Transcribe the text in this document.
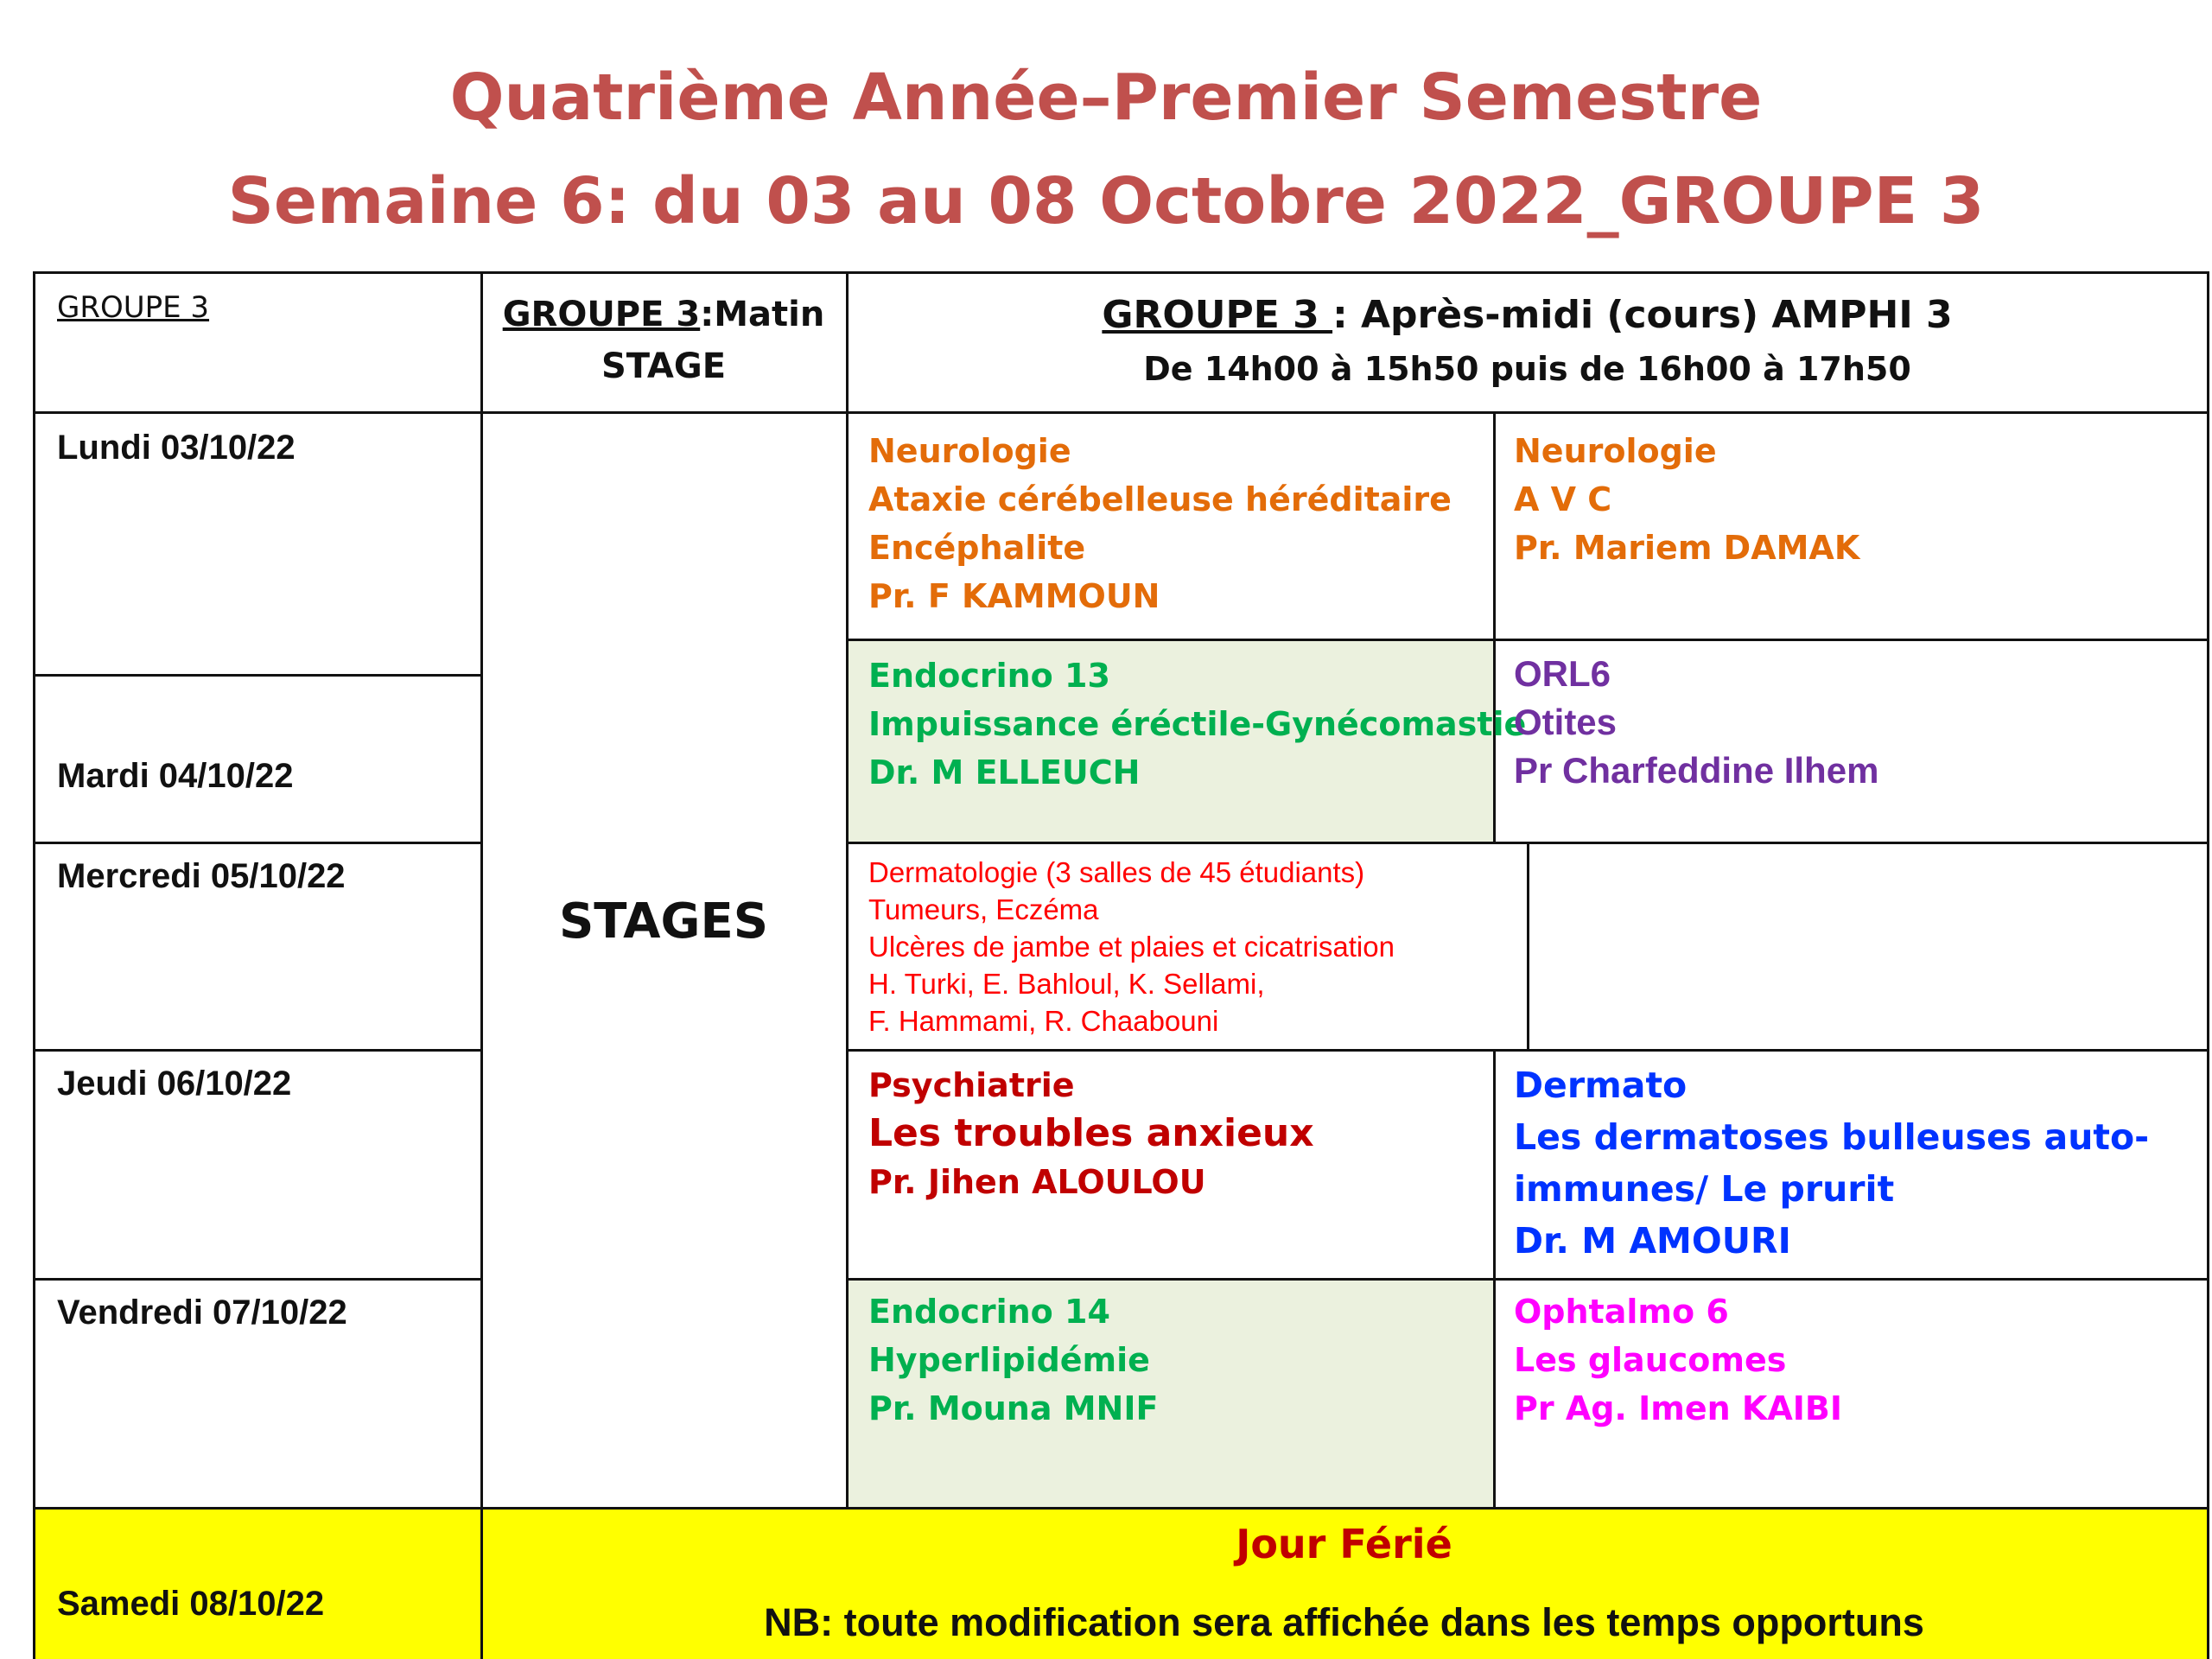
Quatrième Année–Premier Semestre
Semaine 6: du 03 au 08 Octobre 2022_GROUPE 3
GROUPE 3	GROUPE 3:Matin
STAGE
GROUPE 3 : Après-midi (cours) AMPHI 3
De 14h00 à 15h50 puis de 16h00 à 17h50
Lundi 03/10/22
Mardi 04/10/22
Mercredi 05/10/22
Jeudi 06/10/22
Vendredi 07/10/22
Samedi 08/10/22
STAGES
Neurologie
Ataxie cérébelleuse héréditaire
Encéphalite
Pr. F KAMMOUN
Neurologie
A V C
Pr. Mariem DAMAK
Endocrino 13
Impuissance éréctile-Gynécomastie
Dr. M ELLEUCH
ORL6
Otites
Pr Charfeddine Ilhem
Dermatologie (3 salles de 45 étudiants)
Tumeurs, Eczéma
Ulcères de jambe et plaies et cicatrisation
H. Turki, E. Bahloul, K. Sellami,
F. Hammami, R. Chaabouni
Psychiatrie
Les troubles anxieux
Pr. Jihen ALOULOU
Dermato
Les dermatoses bulleuses auto-
immunes/ Le prurit
Dr. M AMOURI
Endocrino 14
Hyperlipidémie
Pr. Mouna MNIF
Ophtalmo 6
Les glaucomes
Pr Ag. Imen KAIBI
Jour Férié
NB: toute modification sera affichée dans les temps opportuns
